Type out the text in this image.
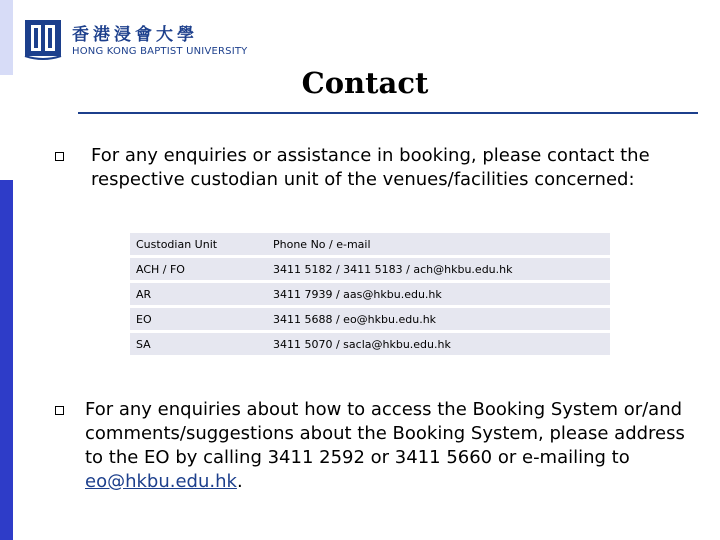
香港浸會大學
HONG KONG BAPTIST UNIVERSITY
Contact
For any enquiries or assistance in booking, please contact the respective custodian unit of the venues/facilities concerned:
Custodian Unit	Phone No / e-mail
ACH / FO	3411 5182 / 3411 5183 / ach@hkbu.edu.hk
AR	3411 7939 / aas@hkbu.edu.hk
EO	3411 5688 / eo@hkbu.edu.hk
SA	3411 5070 / sacla@hkbu.edu.hk
For any enquiries about how to access the Booking System or/and comments/suggestions about the Booking System, please address to the EO by calling 3411 2592 or 3411 5660 or e-mailing to eo@hkbu.edu.hk.
